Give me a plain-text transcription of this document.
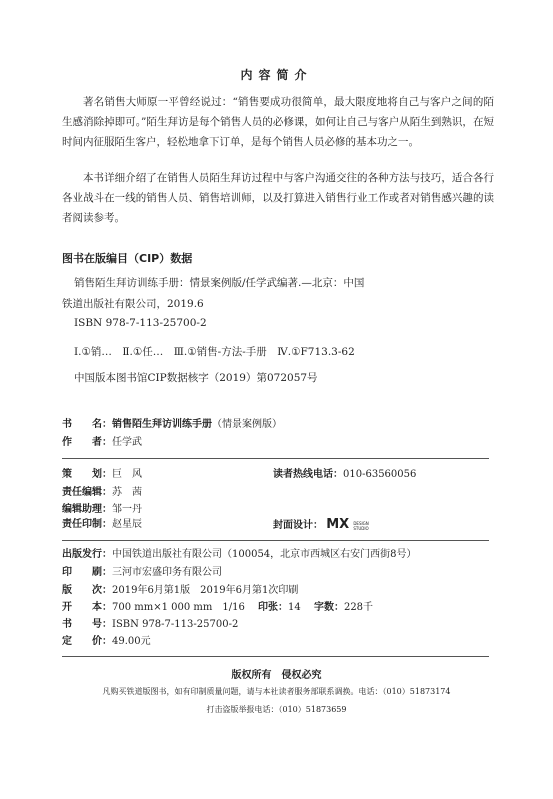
内容简介
著名销售大师原一平曾经说过：“销售要成功很简单，最大限度地将自己与客户之间的陌生感消除掉即可。”陌生拜访是每个销售人员的必修课，如何让自己与客户从陌生到熟识，在短时间内征服陌生客户，轻松地拿下订单，是每个销售人员必修的基本功之一。
本书详细介绍了在销售人员陌生拜访过程中与客户沟通交往的各种方法与技巧，适合各行各业战斗在一线的销售人员、销售培训师，以及打算进入销售行业工作或者对销售感兴趣的读者阅读参考。
图书在版编目（CIP）数据
销售陌生拜访训练手册：情景案例版/任学武编著.—北京：中国
铁道出版社有限公司，2019.6
ISBN 978-7-113-25700-2
Ⅰ.①销…　Ⅱ.①任…　Ⅲ.①销售-方法-手册　Ⅳ.①F713.3-62
中国版本图书馆CIP数据核字（2019）第072057号
书　　名：销售陌生拜访训练手册（情景案例版）
作　　者：任学武
策　　划：巨　风	读者热线电话：010-63560056
责任编辑：苏　茜
编辑助理：邹一丹
责任印制：赵星辰	封面设计： MX DESIGN
STUDIO
出版发行：中国铁道出版社有限公司（100054，北京市西城区右安门西街8号）
印　　刷：三河市宏盛印务有限公司
版　　次：2019年6月第1版　2019年6月第1次印刷
开　　本：700 mm×1 000 mm　1/16 印张：14 字数：228千
书　　号：ISBN 978-7-113-25700-2
定　　价：49.00元
版权所有　侵权必究
凡购买铁道版图书，如有印制质量问题，请与本社读者服务部联系调换。电话：（010）51873174
打击盗版举报电话：（010）51873659
